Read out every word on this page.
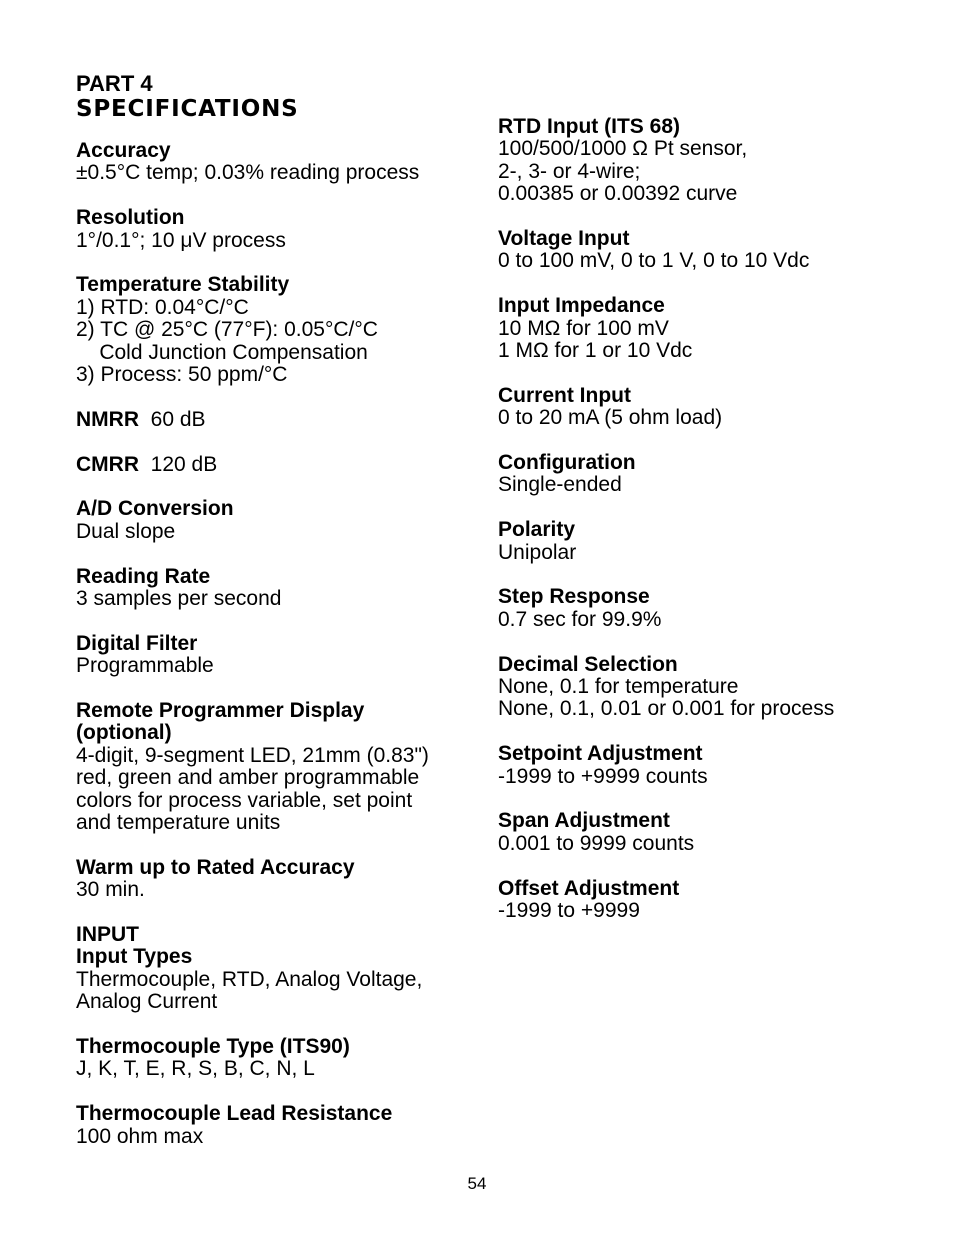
PART 4
SPECIFICATIONS
Accuracy
±0.5°C temp; 0.03% reading process
Resolution
1°/0.1°; 10 μV process
Temperature Stability
1) RTD: 0.04°C/°C
2) TC @ 25°C (77°F): 0.05°C/°C
Cold Junction Compensation
3) Process: 50 ppm/°C
NMRR 60 dB
CMRR 120 dB
A/D Conversion
Dual slope
Reading Rate
3 samples per second
Digital Filter
Programmable
Remote Programmer Display
(optional)
4-digit, 9-segment LED, 21mm (0.83")
red, green and amber programmable
colors for process variable, set point
and temperature units
Warm up to Rated Accuracy
30 min.
INPUT
Input Types
Thermocouple, RTD, Analog Voltage,
Analog Current
Thermocouple Type (ITS90)
J, K, T, E, R, S, B, C, N, L
Thermocouple Lead Resistance
100 ohm max
RTD Input (ITS 68)
100/500/1000 Ω Pt sensor,
2-, 3- or 4-wire;
0.00385 or 0.00392 curve
Voltage Input
0 to 100 mV, 0 to 1 V, 0 to 10 Vdc
Input Impedance
10 MΩ for 100 mV
1 MΩ for 1 or 10 Vdc
Current Input
0 to 20 mA (5 ohm load)
Configuration
Single-ended
Polarity
Unipolar
Step Response
0.7 sec for 99.9%
Decimal Selection
None, 0.1 for temperature
None, 0.1, 0.01 or 0.001 for process
Setpoint Adjustment
-1999 to +9999 counts
Span Adjustment
0.001 to 9999 counts
Offset Adjustment
-1999 to +9999
54
